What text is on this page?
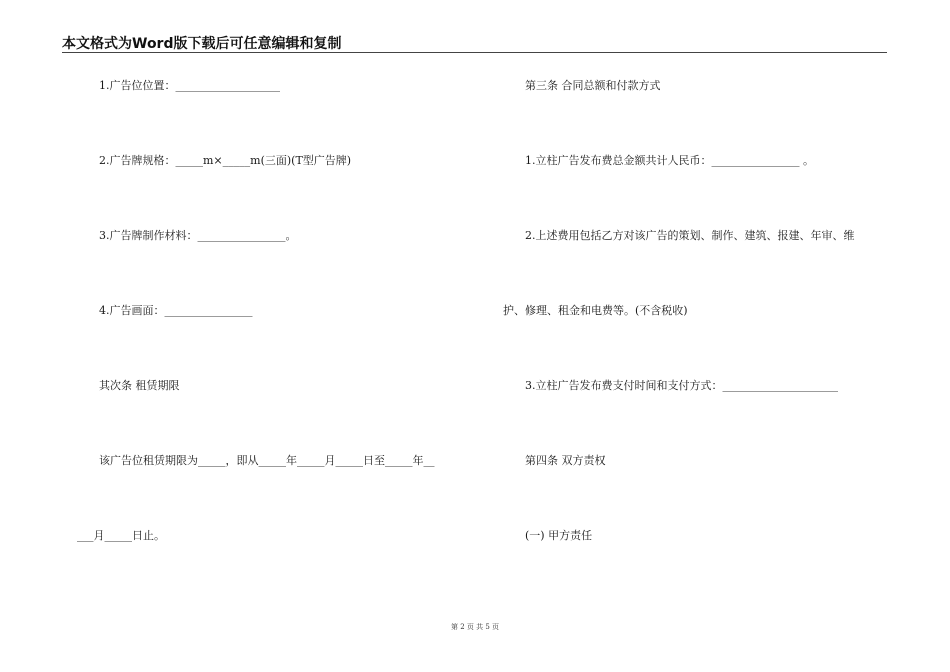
本文格式为Word版下载后可任意编辑和复制
1.广告位位置：___________________
2.广告牌规格：_____m×_____m(三面)(T型广告牌)
3.广告牌制作材料：________________。
4.广告画面：________________
其次条 租赁期限
该广告位租赁期限为_____，即从_____年_____月_____日至_____年__
___月_____日止。
第三条 合同总额和付款方式
1.立柱广告发布费总金额共计人民币：________________ 。
2.上述费用包括乙方对该广告的策划、制作、建筑、报建、年审、维
护、修理、租金和电费等。(不含税收)
3.立柱广告发布费支付时间和支付方式：_____________________
第四条 双方责权
(一) 甲方责任
第 2 页 共 5 页
